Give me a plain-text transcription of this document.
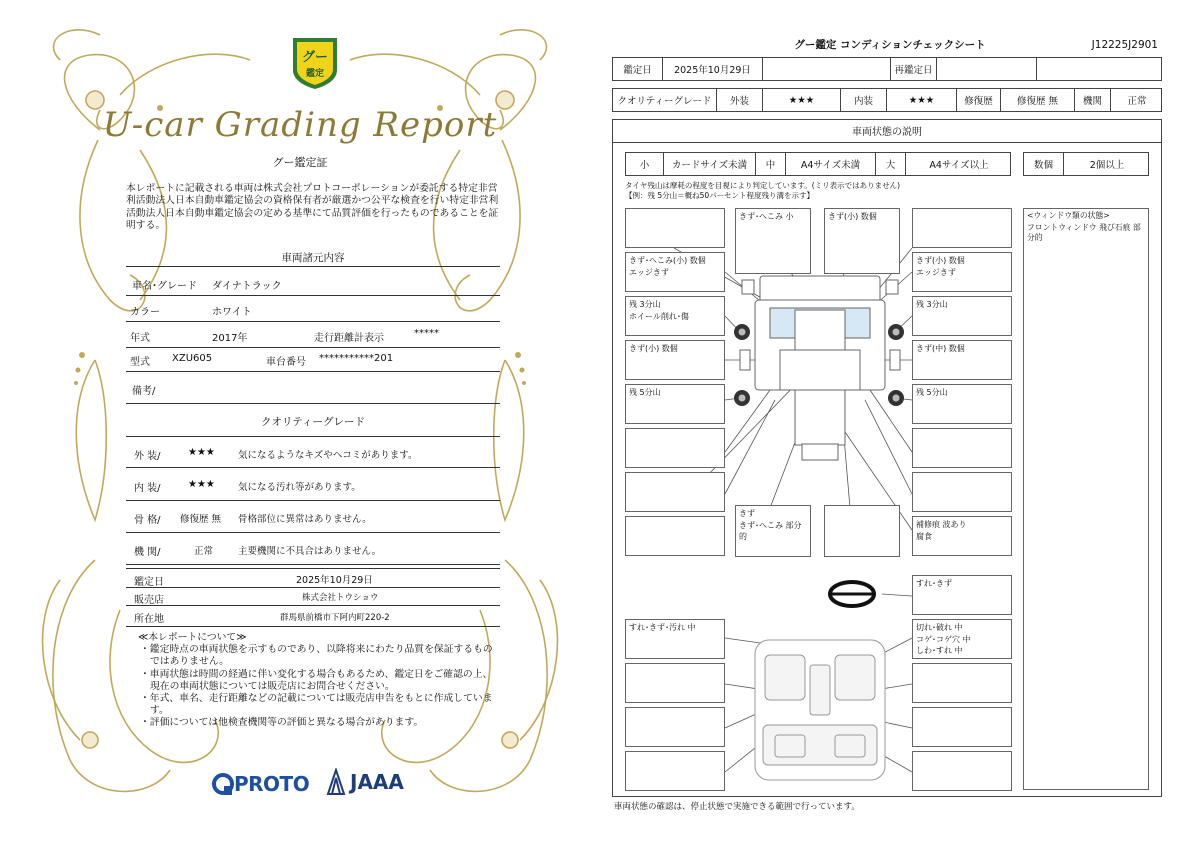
グー
鑑定
U-car Grading Report
グー鑑定証
本レポートに記載される車両は株式会社プロトコーポレーションが委託する特定非営利活動法人日本自動車鑑定協会の資格保有者が厳選かつ公平な検査を行い特定非営利活動法人日本自動車鑑定協会の定める基準にて品質評価を行ったものであることを証明する。
車両諸元内容
車名･グレード ダイナトラック
カラー	ホワイト
年式	2017年	走行距離計表示	*****
型式 XZU605	車台番号 ***********201
備考/
クオリティーグレード
外 装/	★★★ 気になるようなキズやヘコミがあります。
内 装/	★★★ 気になる汚れ等があります。
骨 格/ 修復歴 無 骨格部位に異常はありません。
機 関/	正常	主要機関に不具合はありません。
鑑定日	2025年10月29日
販売店	株式会社トウショウ
所在地	群馬県前橋市下阿内町220-2
≪本レポートについて≫
・鑑定時点の車両状態を示すものであり、以降将来にわたり品質を保証するものではありません。
・車両状態は時間の経過に伴い変化する場合もあるため、鑑定日をご確認の上、現在の車両状態については販売店にお問合せください。
・年式、車名、走行距離などの記載については販売店申告をもとに作成しています。
・評価については他検査機関等の評価と異なる場合があります。
PROTO JAAA
グー鑑定 コンディションチェックシート	J12225J2901
鑑定日	2025年10月29日	再鑑定日
クオリティーグレード	外装	★★★	内装	★★★	修復歴	修復歴 無	機関	正常
車両状態の説明
小	カードサイズ未満	中	A4サイズ未満	大	A4サイズ以上	数個	2個以上
タイヤ残山は摩耗の程度を目視により判定しています。(ミリ表示ではありません)
【例：残 5分山＝概ね50パーセント程度残り溝を示す】
<ウィンドウ類の状態>
フロントウィンドウ 飛び石痕 部分的
きず･へこみ 小	きず(小) 数個
きず･へこみ(小) 数個
エッジきず
きず(小) 数個
エッジきず
残 3分山
ホイール削れ･傷
残 3分山
きず(小) 数個	きず(中) 数個
残 5分山	残 5分山
きず
きず･へこみ 部分的
補修痕 波あり
腐食
すれ･きず
すれ･きず･汚れ 中	切れ･破れ 中
コゲ･コゲ穴 中
しわ･すれ 中
車両状態の確認は、停止状態で実施できる範囲で行っています。
